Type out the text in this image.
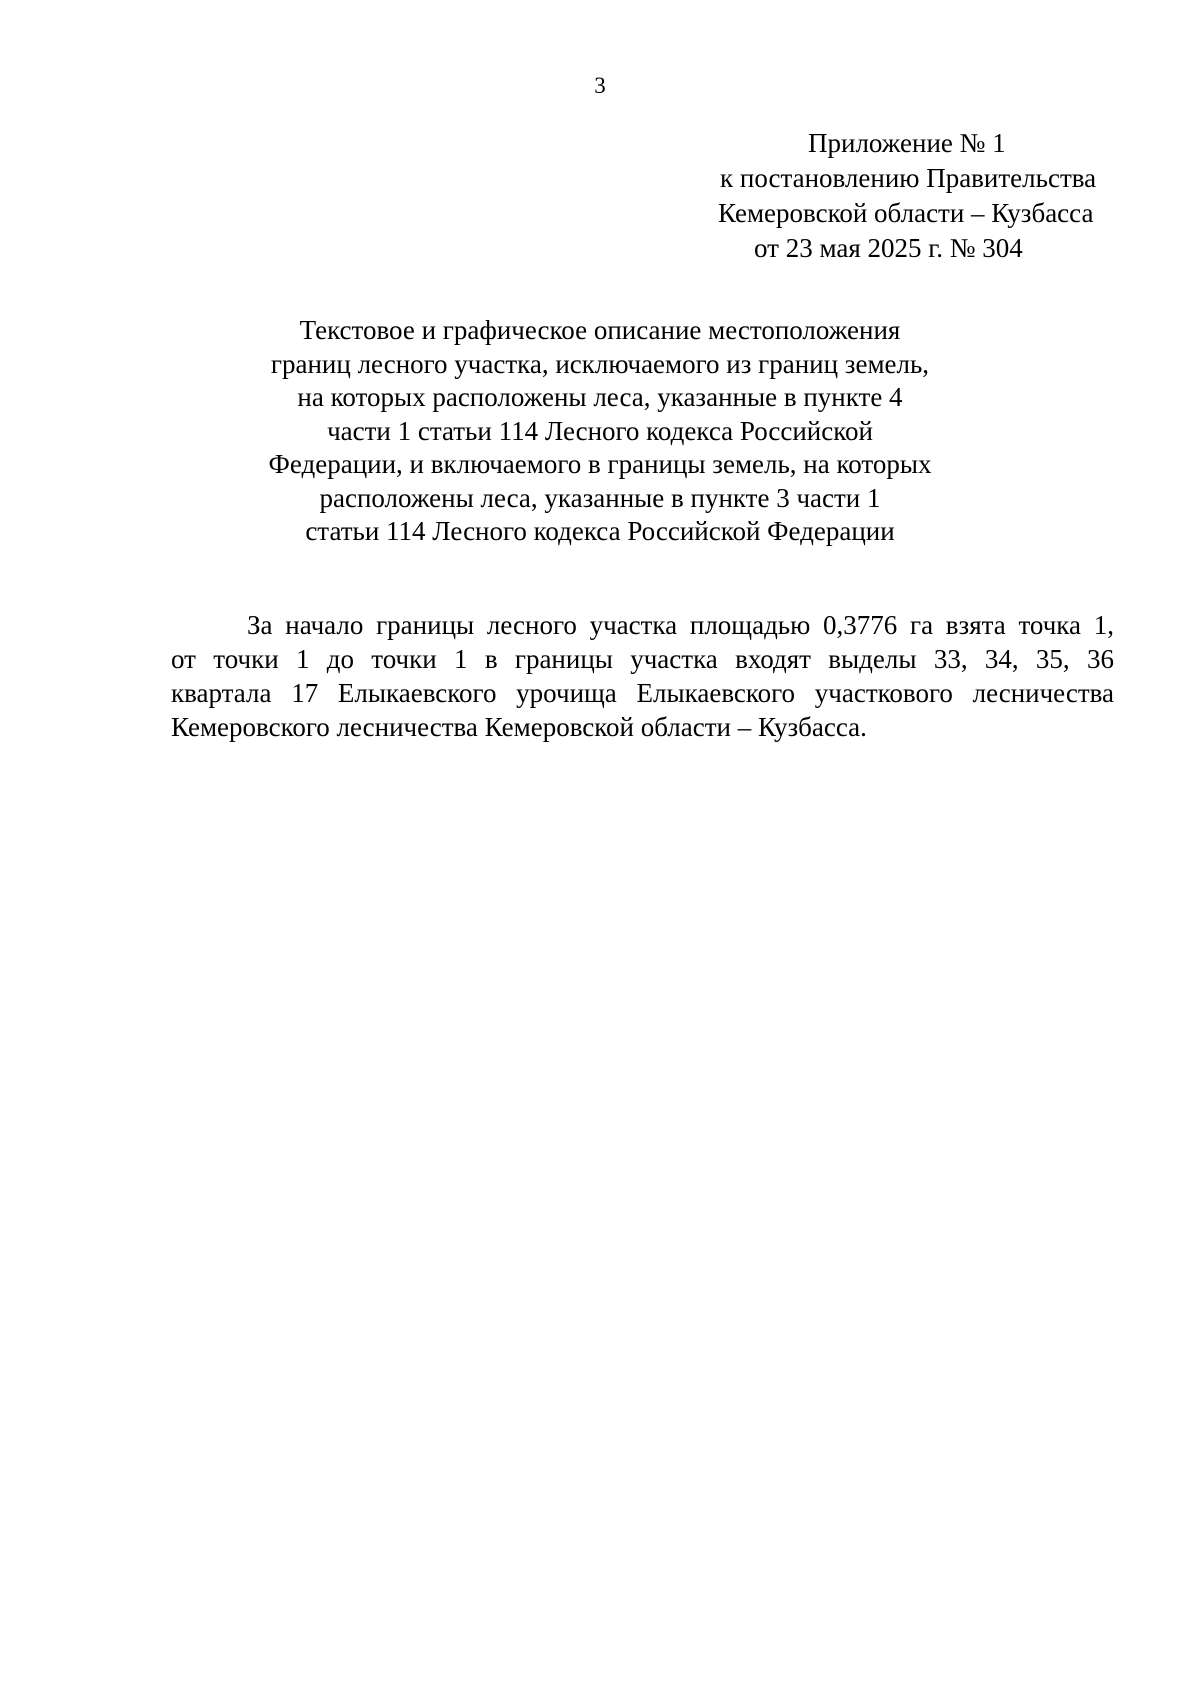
3
Приложение № 1
к постановлению Правительства
Кемеровской области – Кузбасса
от 23 мая 2025 г. № 304
Текстовое и графическое описание местоположения
границ лесного участка, исключаемого из границ земель,
на которых расположены леса, указанные в пункте 4
части 1 статьи 114 Лесного кодекса Российской
Федерации, и включаемого в границы земель, на которых
расположены леса, указанные в пункте 3 части 1
статьи 114 Лесного кодекса Российской Федерации
За начало границы лесного участка площадью 0,3776 га взята точка 1,
от точки 1 до точки 1 в границы участка входят выделы 33, 34, 35, 36
квартала 17 Елыкаевского урочища Елыкаевского участкового лесничества
Кемеровского лесничества Кемеровской области – Кузбасса.
